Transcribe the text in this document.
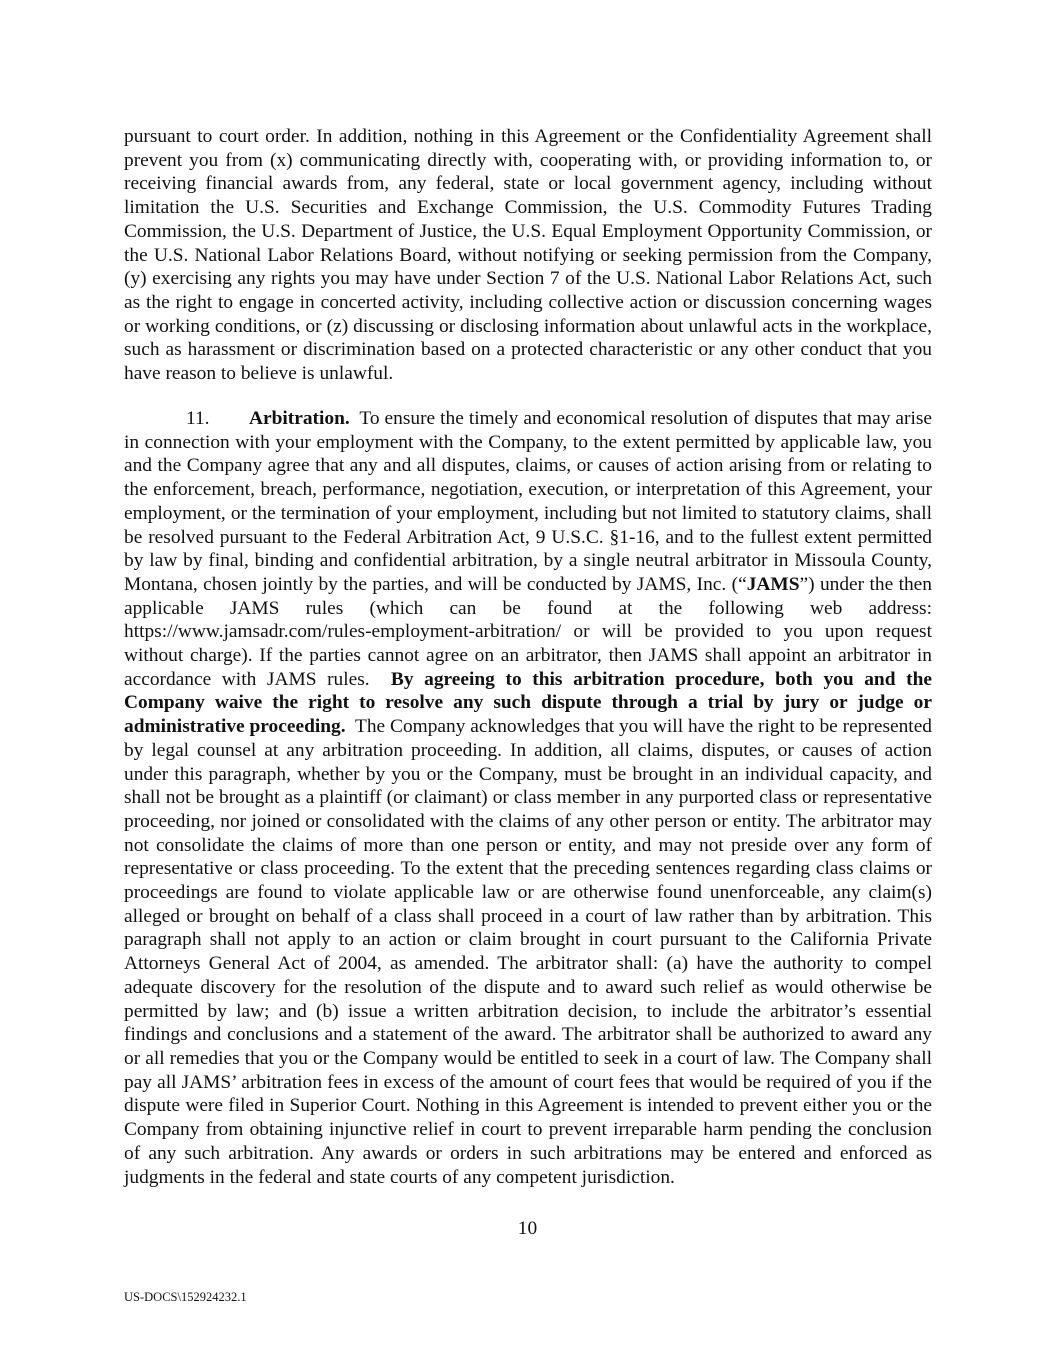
pursuant to court order. In addition, nothing in this Agreement or the Confidentiality Agreement shall prevent you from (x) communicating directly with, cooperating with, or providing information to, or receiving financial awards from, any federal, state or local government agency, including without limitation the U.S. Securities and Exchange Commission, the U.S. Commodity Futures Trading Commission, the U.S. Department of Justice, the U.S. Equal Employment Opportunity Commission, or the U.S. National Labor Relations Board, without notifying or seeking permission from the Company, (y) exercising any rights you may have under Section 7 of the U.S. National Labor Relations Act, such as the right to engage in concerted activity, including collective action or discussion concerning wages or working conditions, or (z) discussing or disclosing information about unlawful acts in the workplace, such as harassment or discrimination based on a protected characteristic or any other conduct that you have reason to believe is unlawful.

11. Arbitration. To ensure the timely and economical resolution of disputes that may arise in connection with your employment with the Company, to the extent permitted by applicable law, you and the Company agree that any and all disputes, claims, or causes of action arising from or relating to the enforcement, breach, performance, negotiation, execution, or interpretation of this Agreement, your employment, or the termination of your employment, including but not limited to statutory claims, shall be resolved pursuant to the Federal Arbitration Act, 9 U.S.C. §1-16, and to the fullest extent permitted by law by final, binding and confidential arbitration, by a single neutral arbitrator in Missoula County, Montana, chosen jointly by the parties, and will be conducted by JAMS, Inc. (“JAMS”) under the then applicable JAMS rules (which can be found at the following web address: https://www.jamsadr.com/rules-employment-arbitration/ or will be provided to you upon request without charge). If the parties cannot agree on an arbitrator, then JAMS shall appoint an arbitrator in accordance with JAMS rules. By agreeing to this arbitration procedure, both you and the Company waive the right to resolve any such dispute through a trial by jury or judge or administrative proceeding. The Company acknowledges that you will have the right to be represented by legal counsel at any arbitration proceeding. In addition, all claims, disputes, or causes of action under this paragraph, whether by you or the Company, must be brought in an individual capacity, and shall not be brought as a plaintiff (or claimant) or class member in any purported class or representative proceeding, nor joined or consolidated with the claims of any other person or entity. The arbitrator may not consolidate the claims of more than one person or entity, and may not preside over any form of representative or class proceeding. To the extent that the preceding sentences regarding class claims or proceedings are found to violate applicable law or are otherwise found unenforceable, any claim(s) alleged or brought on behalf of a class shall proceed in a court of law rather than by arbitration. This paragraph shall not apply to an action or claim brought in court pursuant to the California Private Attorneys General Act of 2004, as amended. The arbitrator shall: (a) have the authority to compel adequate discovery for the resolution of the dispute and to award such relief as would otherwise be permitted by law; and (b) issue a written arbitration decision, to include the arbitrator’s essential findings and conclusions and a statement of the award. The arbitrator shall be authorized to award any or all remedies that you or the Company would be entitled to seek in a court of law. The Company shall pay all JAMS’ arbitration fees in excess of the amount of court fees that would be required of you if the dispute were filed in Superior Court. Nothing in this Agreement is intended to prevent either you or the Company from obtaining injunctive relief in court to prevent irreparable harm pending the conclusion of any such arbitration. Any awards or orders in such arbitrations may be entered and enforced as judgments in the federal and state courts of any competent jurisdiction.

10
US-DOCS\152924232.1
